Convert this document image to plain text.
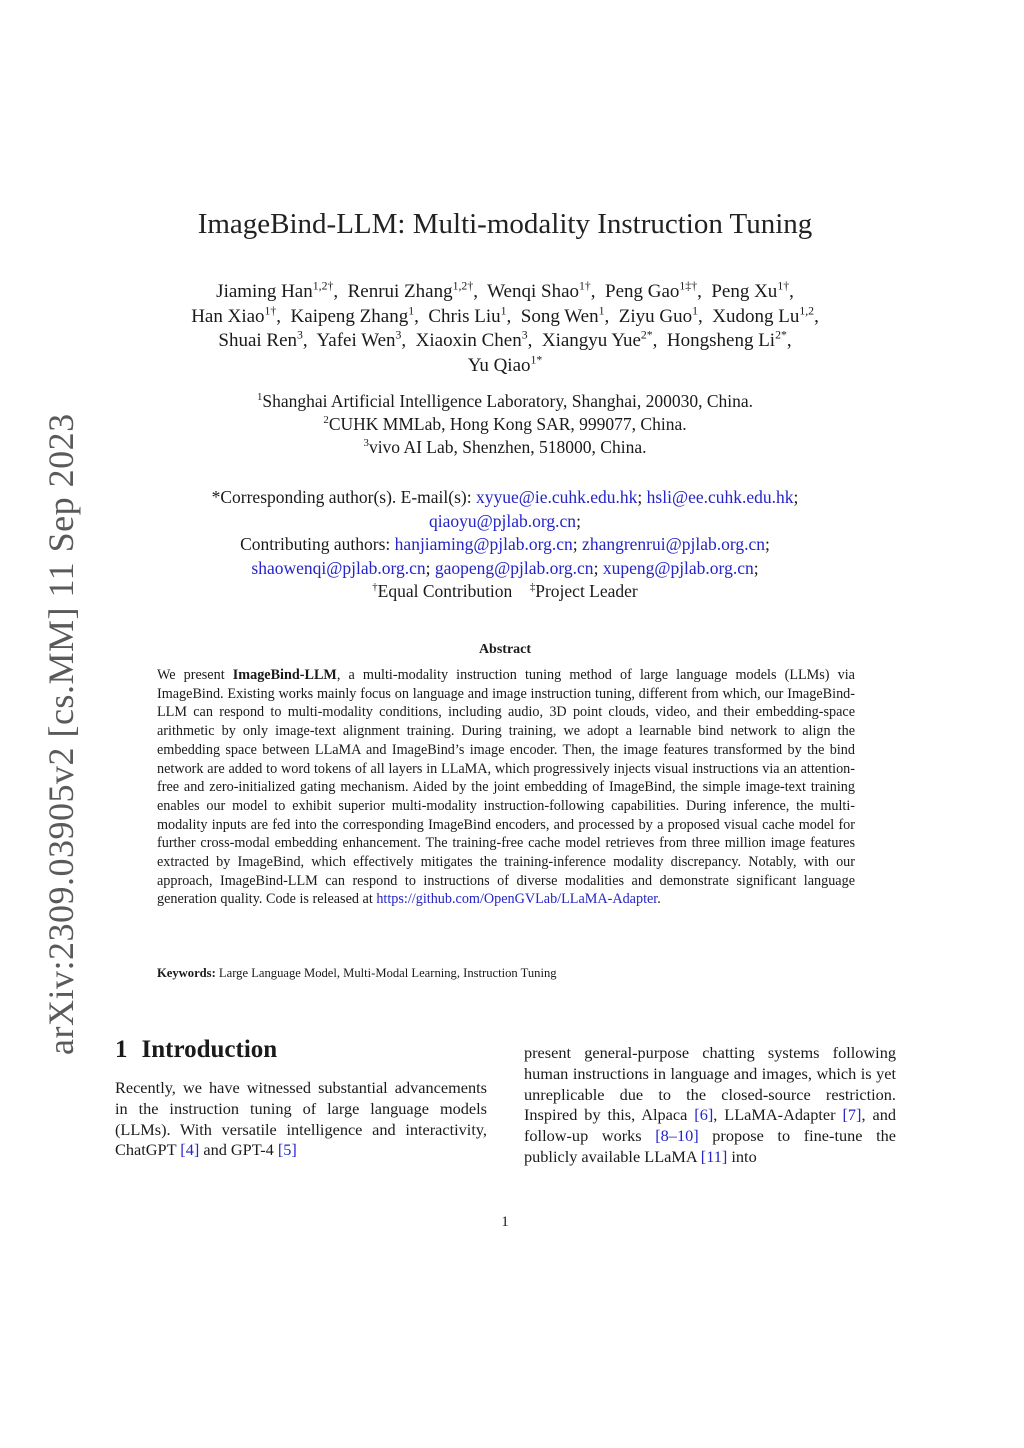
arXiv:2309.03905v2 [cs.MM] 11 Sep 2023
ImageBind-LLM: Multi-modality Instruction Tuning
Jiaming Han$^{1,2\dagger}$,  Renrui Zhang$^{1,2\dagger}$,  Wenqi Shao$^{1\dagger}$,  Peng Gao$^{1\ddagger\dagger}$,  Peng $Xu^{1\dagger}$,
Han Xiao$^{1\dagger}$,  Kaipeng Zhang$^1$,  Chris Liu$^1$,  Song Wen$^1$,  Ziyu Guo$^1$,  Xudong Lu$^{1,2}$,
Shuai Ren$^3$,  Yafei Wen$^3$,  Xiaoxin Chen$^3$,  Xiangyu Yue$^{2*}$,  Hongsheng $Li^{2*}$,
Yu Qiao$^{1*}$
$^1$Shanghai Artificial Intelligence Laboratory, Shanghai, 200030, China.
$^2$CUHK MMLab, Hong Kong SAR, 999077, China.
$^3$vivo AI Lab, Shenzhen, 518000, China.
*Corresponding author(s). E-mail(s): xyyue@ie.cuhk.edu.hk; hsli@ee.cuhk.edu.hk;
qiaoyu@pjlab.org.cn;
Contributing authors: hanjiaming@pjlab.org.cn; zhangrenrui@pjlab.org.cn;
shaowenqi@pjlab.org.cn; gaopeng@pjlab.org.cn; xupeng@pjlab.org.cn;
†Equal Contribution ‡Project Leader
Abstract
We present ImageBind-LLM, a multi-modality instruction tuning method of large language models (LLMs) via ImageBind. Existing works mainly focus on language and image instruction tuning, different from which, our ImageBind-LLM can respond to multi-modality conditions, including audio, 3D point clouds, video, and their embedding-space arithmetic by only image-text alignment training. During training, we adopt a learnable bind network to align the embedding space between LLaMA and ImageBind’s image encoder. Then, the image features transformed by the bind network are added to word tokens of all layers in LLaMA, which progressively injects visual instructions via an attention-free and zero-initialized gating mechanism. Aided by the joint embedding of ImageBind, the simple image-text training enables our model to exhibit superior multi-modality instruction-following capabilities. During inference, the multi-modality inputs are fed into the corresponding ImageBind encoders, and processed by a proposed visual cache model for further cross-modal embedding enhancement. The training-free cache model retrieves from three million image features extracted by ImageBind, which effectively mitigates the training-inference modality discrepancy. Notably, with our approach, ImageBind-LLM can respond to instructions of diverse modalities and demonstrate significant language generation quality. Code is released at https://github.com/OpenGVLab/LLaMA-Adapter.
Keywords: Large Language Model, Multi-Modal Learning, Instruction Tuning
1 Introduction
Recently, we have witnessed substantial advancements in the instruction tuning of large language models (LLMs). With versatile intelligence and interactivity, ChatGPT [4] and GPT-4 [5]
present general-purpose chatting systems following human instructions in language and images, which is yet unreplicable due to the closed-source restriction. Inspired by this, Alpaca [6], LLaMA-Adapter [7], and follow-up works [8–10] propose to fine-tune the publicly available LLaMA [11] into
1
